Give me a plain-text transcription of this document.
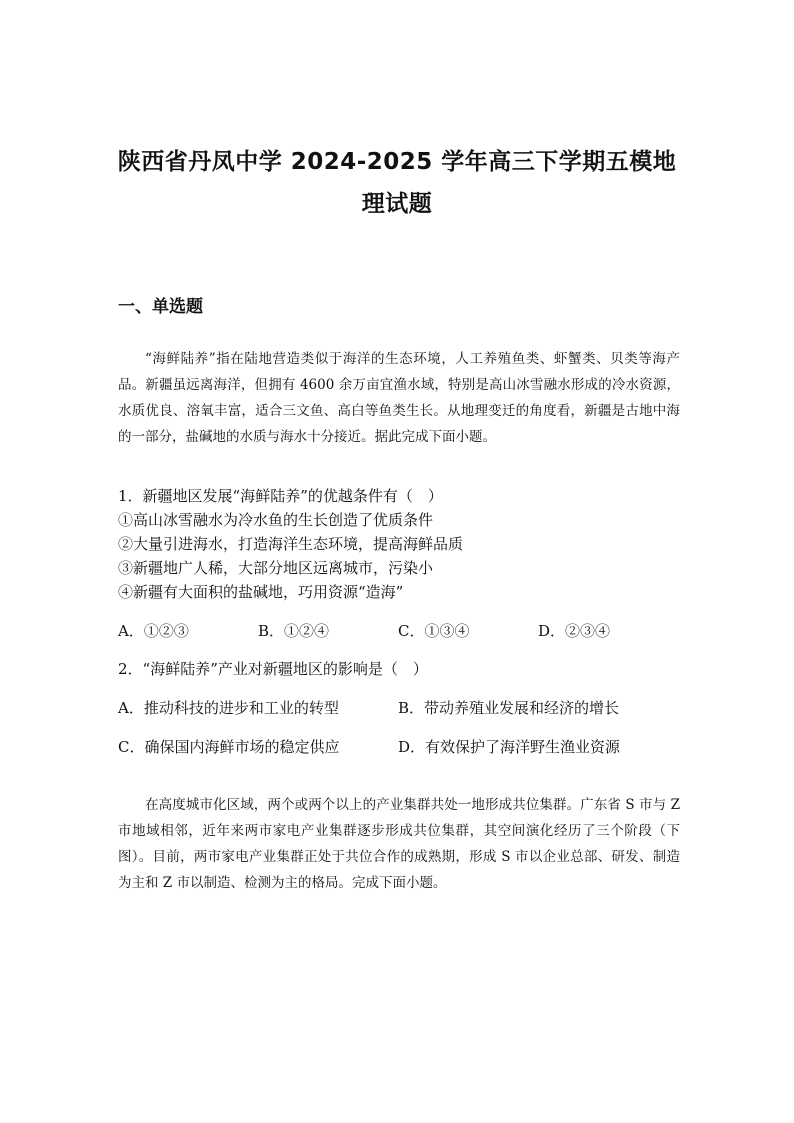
陕西省丹凤中学 2024-2025 学年高三下学期五模地
理试题
一、单选题
“海鲜陆养”指在陆地营造类似于海洋的生态环境，人工养殖鱼类、虾蟹类、贝类等海产品。新疆虽远离海洋，但拥有 4600 余万亩宜渔水域，特别是高山冰雪融水形成的冷水资源，水质优良、溶氧丰富，适合三文鱼、高白等鱼类生长。从地理变迁的角度看，新疆是古地中海的一部分，盐碱地的水质与海水十分接近。据此完成下面小题。
1．新疆地区发展“海鲜陆养”的优越条件有（　）
①高山冰雪融水为冷水鱼的生长创造了优质条件
②大量引进海水，打造海洋生态环境，提高海鲜品质
③新疆地广人稀，大部分地区远离城市，污染小
④新疆有大面积的盐碱地，巧用资源“造海”
A．①②③	B．①②④	C．①③④	D．②③④
2．“海鲜陆养”产业对新疆地区的影响是（　）
A．推动科技的进步和工业的转型	B．带动养殖业发展和经济的增长
C．确保国内海鲜市场的稳定供应	D．有效保护了海洋野生渔业资源
在高度城市化区域，两个或两个以上的产业集群共处一地形成共位集群。广东省 S 市与 Z 市地域相邻，近年来两市家电产业集群逐步形成共位集群，其空间演化经历了三个阶段（下图）。目前，两市家电产业集群正处于共位合作的成熟期，形成 S 市以企业总部、研发、制造为主和 Z 市以制造、检测为主的格局。完成下面小题。
